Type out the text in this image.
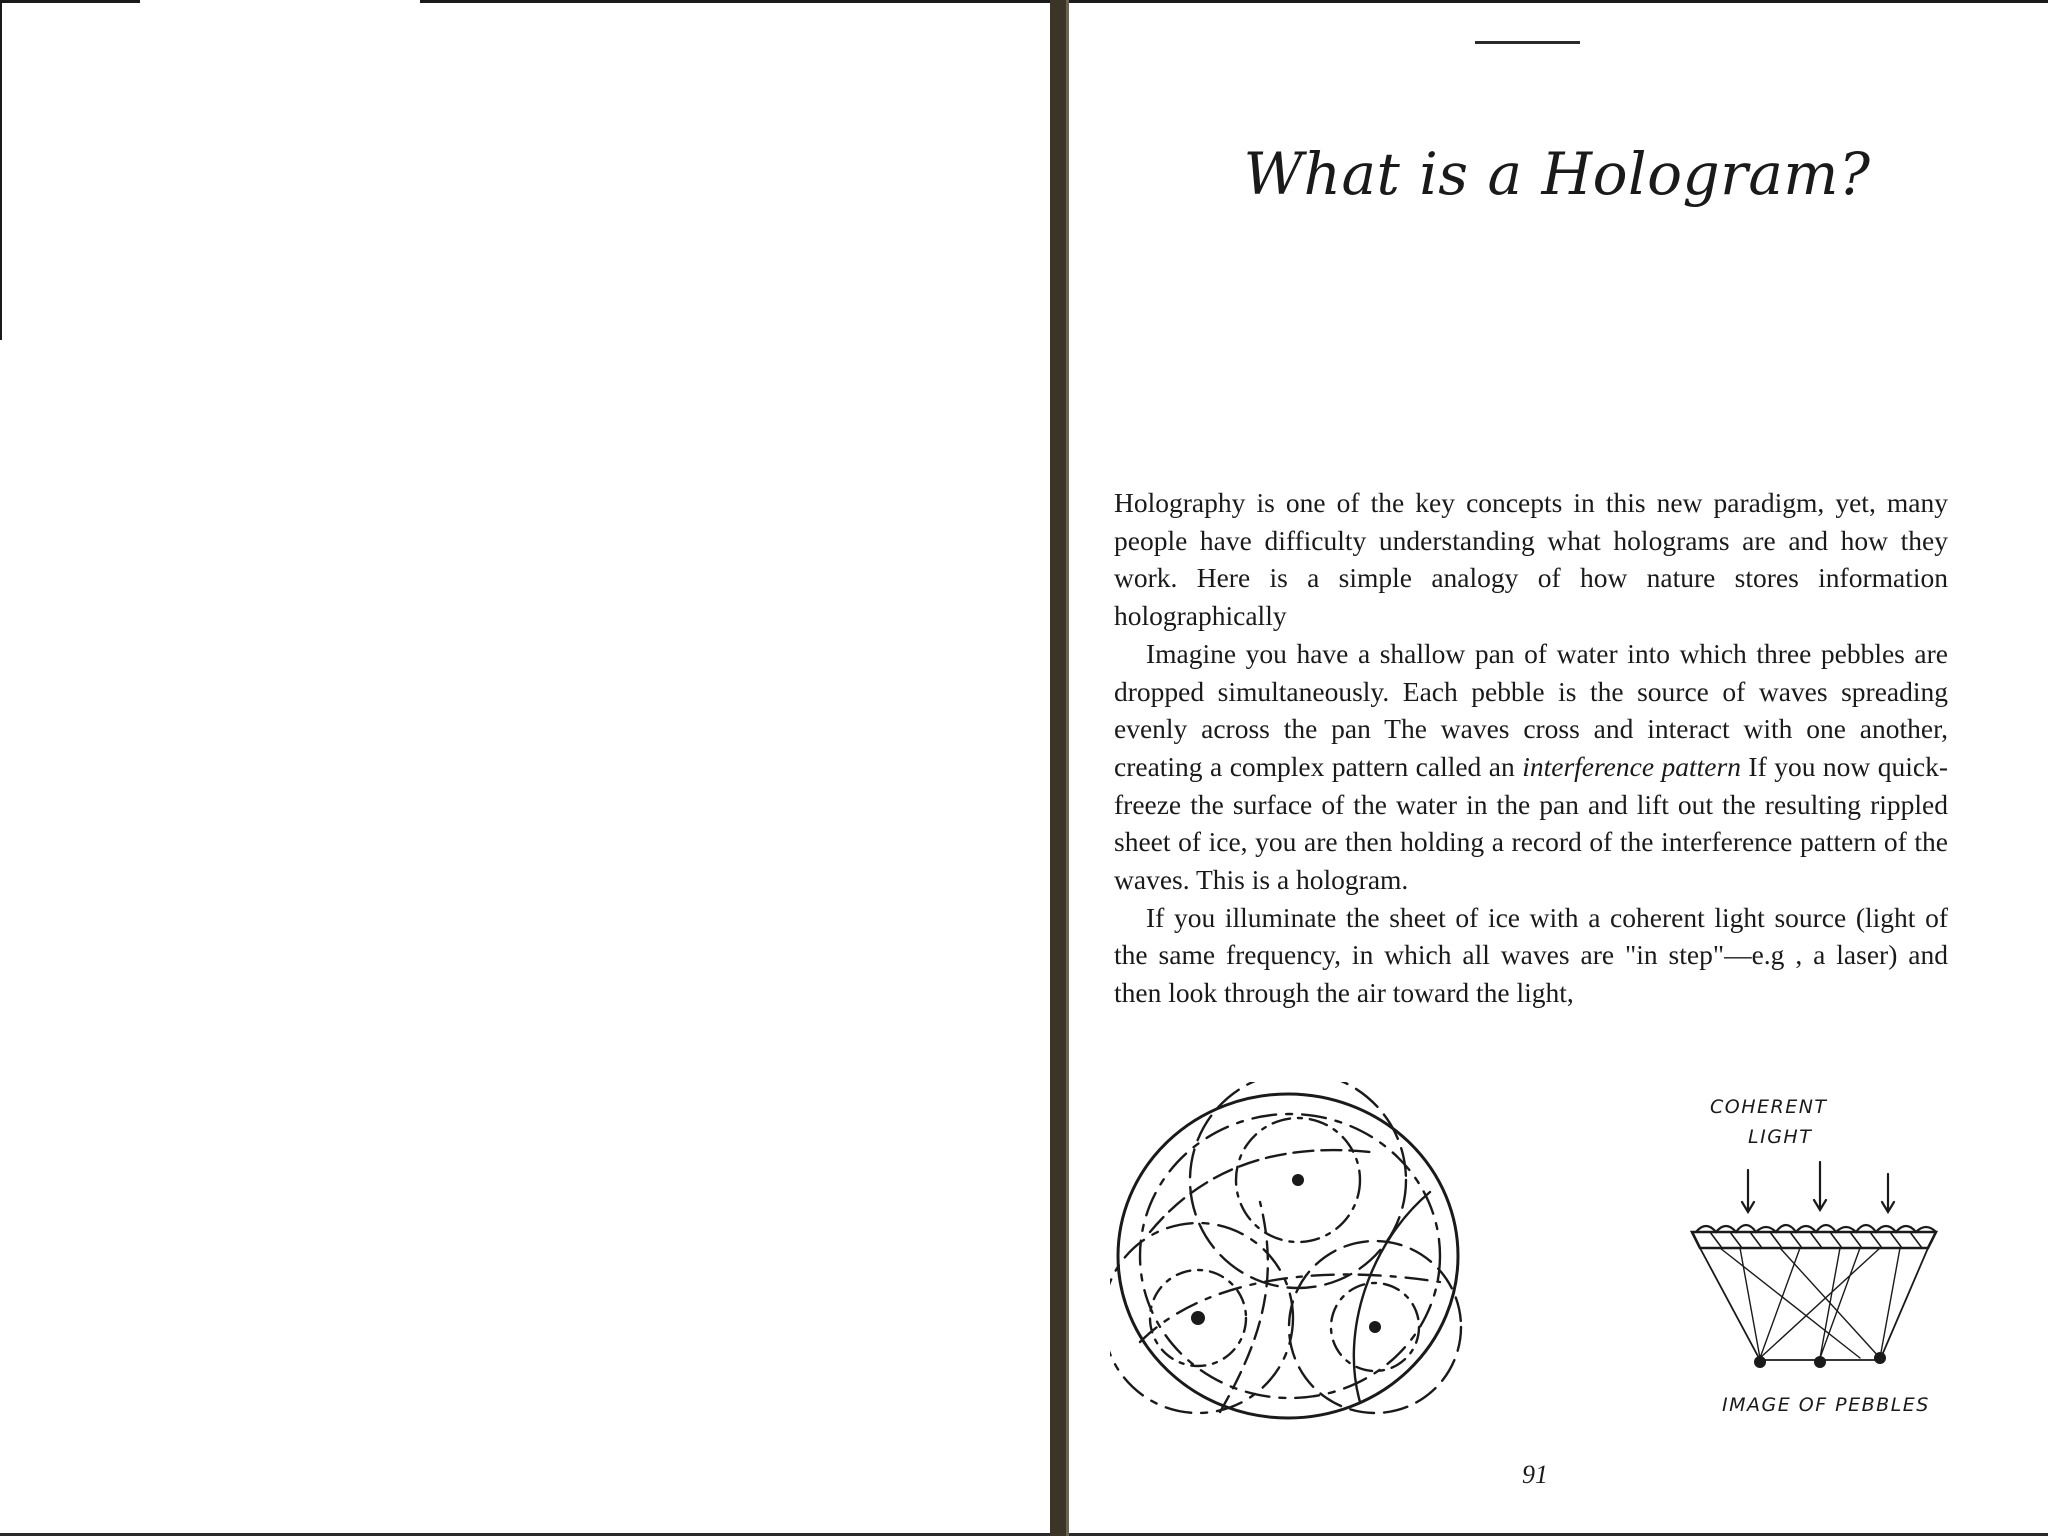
What is a Hologram?

Holography is one of the key concepts in this new paradigm, yet, many people have difficulty understanding what holograms are and how they work. Here is a simple analogy of how nature stores information holographically

Imagine you have a shallow pan of water into which three pebbles are dropped simultaneously. Each pebble is the source of waves spreading evenly across the pan The waves cross and interact with one another, creating a complex pattern called an interference pattern If you now quick-freeze the surface of the water in the pan and lift out the resulting rippled sheet of ice, you are then holding a record of the interference pattern of the waves. This is a hologram.

If you illuminate the sheet of ice with a coherent light source (light of the same frequency, in which all waves are "in step"—e.g , a laser) and then look through the air toward the light,

COHERENT
LIGHT
IMAGE OF PEBBLES
91
